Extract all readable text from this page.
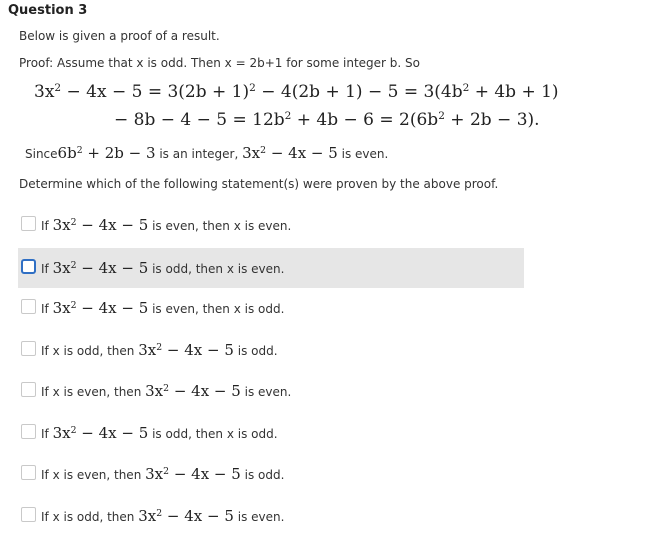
Question 3
Below is given a proof of a result.
Proof: Assume that x is odd. Then x = 2b+1 for some integer b. So
$3x^2 - 4x - 5 = 3(2b + 1)^2 - 4(2b + 1) - 5 = 3(4b^2 + 4b + 1)$
− $8b - 4 - 5 = 12b^2 + 4b - 6 = 2(6b^2 + 2b - 3)$.
$Since6b^2 + 2b - 3$ is an integer, $3x^2 - 4x - 5$ is even.
Determine which of the following statement(s) were proven by the above proof.
If $3x^2 - 4x - 5$ is even, then x is even.
If $3x^2 - 4x - 5$ is odd, then x is even.
If $3x^2 - 4x - 5$ is even, then x is odd.
If x is odd, then $3x^2 - 4x - 5$ is odd.
If x is even, then $3x^2 - 4x - 5$ is even.
If $3x^2 - 4x - 5$ is odd, then x is odd.
If x is even, then $3x^2 - 4x - 5$ is odd.
If x is odd, then $3x^2 - 4x - 5$ is even.
